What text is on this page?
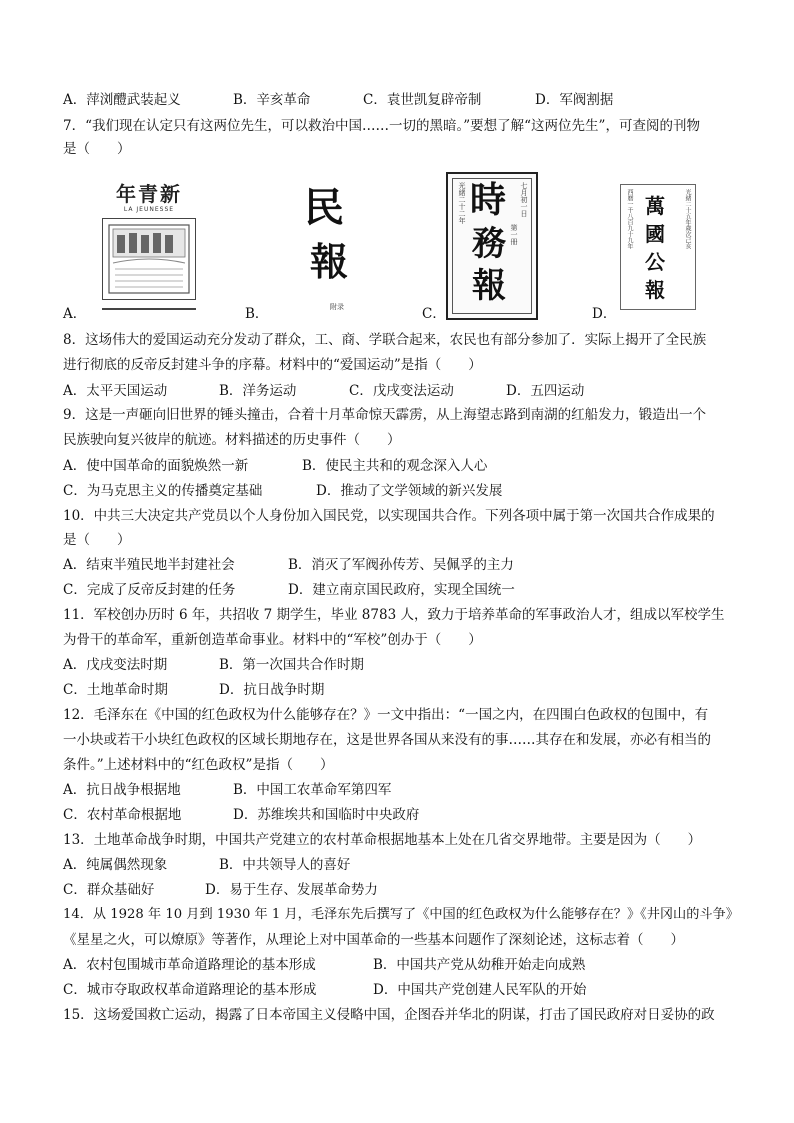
A．萍浏醴武装起义	B．辛亥革命	C．袁世凯复辟帝制	D．军阀割据
7．“我们现在认定只有这两位先生，可以救治中国……一切的黑暗。”要想了解“这两位先生”，可查阅的刊物
是（　　）
A．	B．	C．	D．
年青新
LA JEUNESSE	民
報
附录
光緒二十二年	七月初一日
時
務
報
第一冊	西曆一千八百九十九年	光緒二十五年歲次己亥
萬
國
公
報
8．这场伟大的爱国运动充分发动了群众，工、商、学联合起来，农民也有部分参加了．实际上揭开了全民族
进行彻底的反帝反封建斗争的序幕。材料中的“爱国运动”是指（　　）
A．太平天国运动	B．洋务运动	C．戊戌变法运动	D．五四运动
9．这是一声砸向旧世界的锤头撞击，合着十月革命惊天霹雳，从上海望志路到南湖的红船发力，锻造出一个
民族驶向复兴彼岸的航迹。材料描述的历史事件（　　）
A．使中国革命的面貌焕然一新	B．使民主共和的观念深入人心
C．为马克思主义的传播奠定基础	D．推动了文学领域的新兴发展
10．中共三大决定共产党员以个人身份加入国民党，以实现国共合作。下列各项中属于第一次国共合作成果的
是（　　）
A．结束半殖民地半封建社会	B．消灭了军阀孙传芳、吴佩孚的主力
C．完成了反帝反封建的任务	D．建立南京国民政府，实现全国统一
11．军校创办历时 6 年，共招收 7 期学生，毕业 8783 人，致力于培养革命的军事政治人才，组成以军校学生
为骨干的革命军，重新创造革命事业。材料中的“军校”创办于（　　）
A．戊戌变法时期	B．第一次国共合作时期
C．土地革命时期	D．抗日战争时期
12．毛泽东在《中国的红色政权为什么能够存在？》一文中指出：“一国之内，在四围白色政权的包围中，有
一小块或若干小块红色政权的区域长期地存在，这是世界各国从来没有的事……其存在和发展，亦必有相当的
条件。”上述材料中的“红色政权”是指（　　）
A．抗日战争根据地	B．中国工农革命军第四军
C．农村革命根据地	D．苏维埃共和国临时中央政府
13．土地革命战争时期，中国共产党建立的农村革命根据地基本上处在几省交界地带。主要是因为（　　）
A．纯属偶然现象	B．中共领导人的喜好
C．群众基础好	D．易于生存、发展革命势力
14．从 1928 年 10 月到 1930 年 1 月，毛泽东先后撰写了《中国的红色政权为什么能够存在？》《井冈山的斗争》
《星星之火，可以燎原》等著作，从理论上对中国革命的一些基本问题作了深刻论述，这标志着（　　）
A．农村包围城市革命道路理论的基本形成	B．中国共产党从幼稚开始走向成熟
C．城市夺取政权革命道路理论的基本形成	D．中国共产党创建人民军队的开始
15．这场爱国救亡运动，揭露了日本帝国主义侵略中国，企图吞并华北的阴谋，打击了国民政府对日妥协的政
